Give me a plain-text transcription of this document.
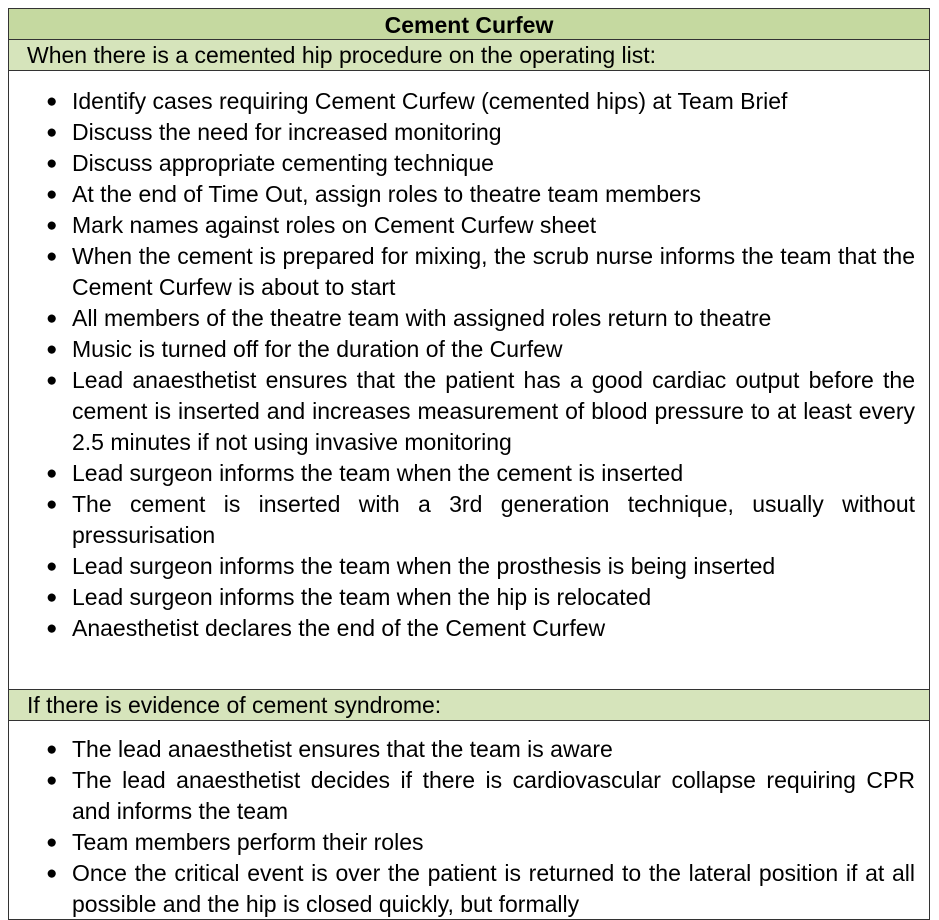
Cement Curfew
When there is a cemented hip procedure on the operating list:
● Identify cases requiring Cement Curfew (cemented hips) at Team Brief
● Discuss the need for increased monitoring
● Discuss appropriate cementing technique
● At the end of Time Out, assign roles to theatre team members
● Mark names against roles on Cement Curfew sheet
● When the cement is prepared for mixing, the scrub nurse informs the team that the Cement Curfew is about to start
● All members of the theatre team with assigned roles return to theatre
● Music is turned off for the duration of the Curfew
● Lead anaesthetist ensures that the patient has a good cardiac output before the cement is inserted and increases measurement of blood pressure to at least every 2.5 minutes if not using invasive monitoring
● Lead surgeon informs the team when the cement is inserted
● The cement is inserted with a 3rd generation technique, usually without pressurisation
● Lead surgeon informs the team when the prosthesis is being inserted
● Lead surgeon informs the team when the hip is relocated
● Anaesthetist declares the end of the Cement Curfew
If there is evidence of cement syndrome:
● The lead anaesthetist ensures that the team is aware
● The lead anaesthetist decides if there is cardiovascular collapse requiring CPR and informs the team
● Team members perform their roles
● Once the critical event is over the patient is returned to the lateral position if at all possible and the hip is closed quickly, but formally
